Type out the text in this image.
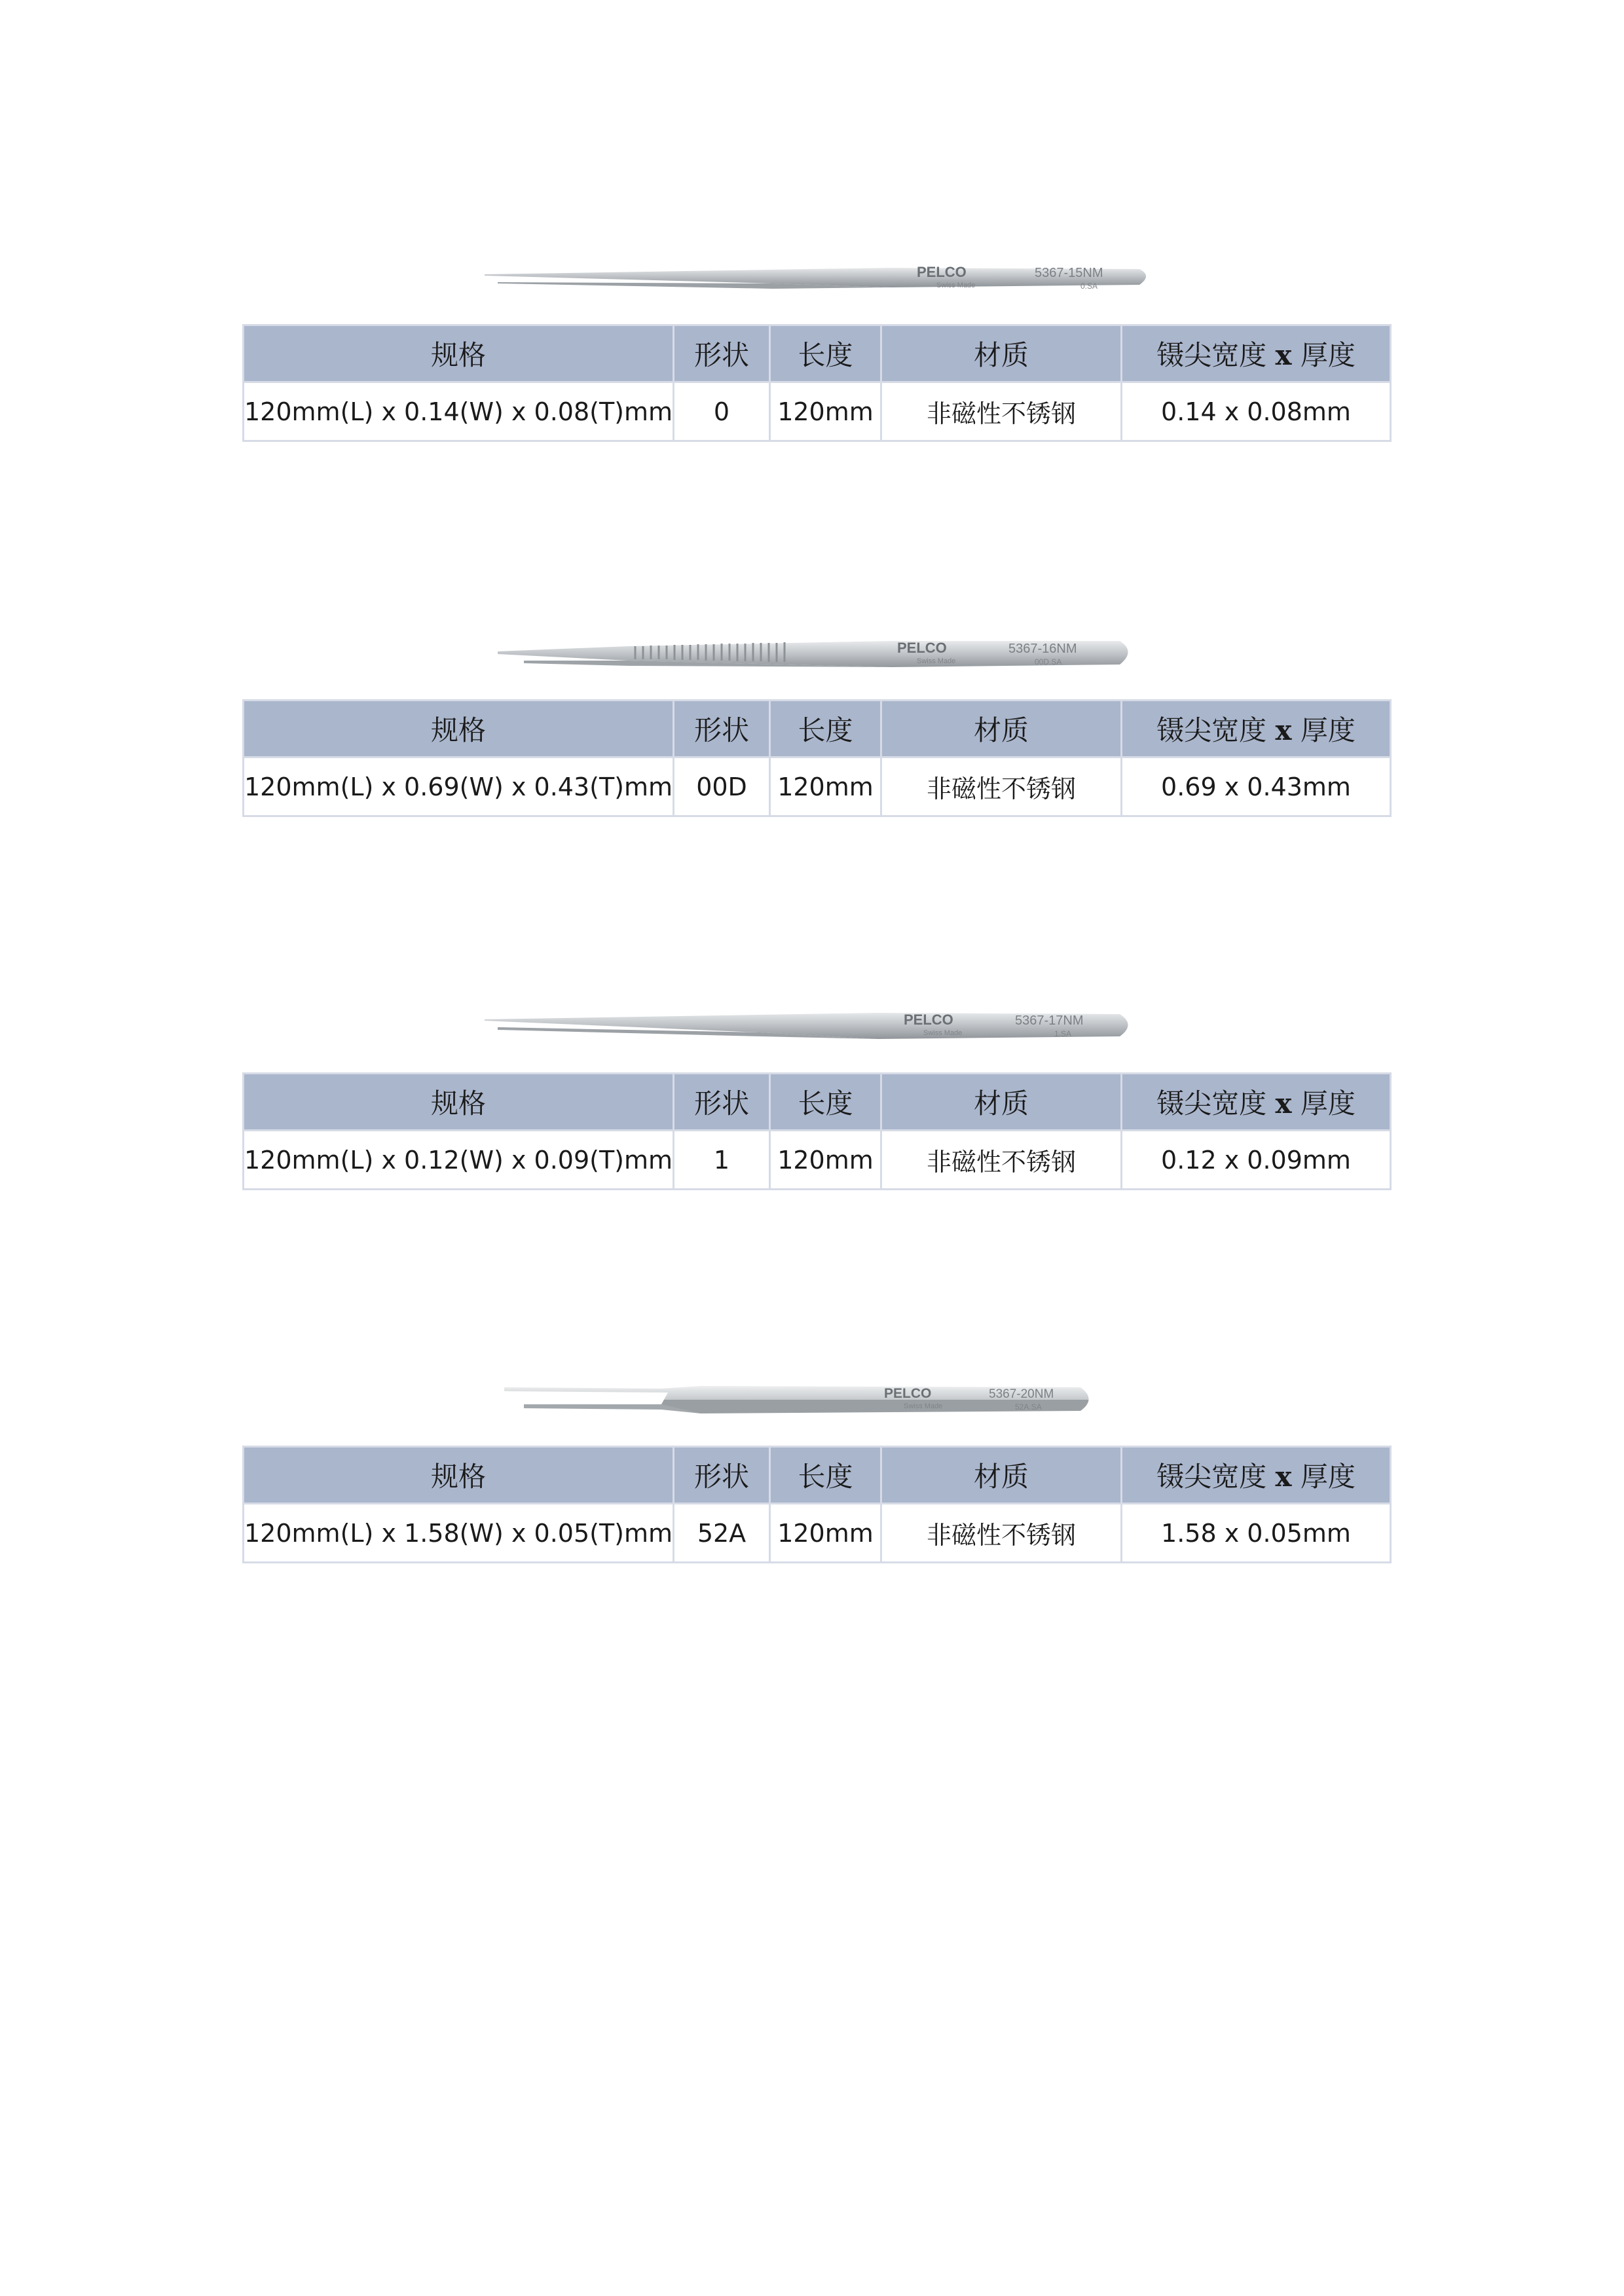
PELCO	5367-15NM
Swiss Made	0.SA
规格	形状	长度	材质	镊尖宽度 x 厚度
120mm(L) x 0.14(W) x 0.08(T)mm	0	120mm	非磁性不锈钢	0.14 x 0.08mm
PELCO	5367-16NM
Swiss Made	00D.SA
规格	形状	长度	材质	镊尖宽度 x 厚度
120mm(L) x 0.69(W) x 0.43(T)mm	00D	120mm	非磁性不锈钢	0.69 x 0.43mm
PELCO	5367-17NM
Swiss Made	1.SA
规格	形状	长度	材质	镊尖宽度 x 厚度
120mm(L) x 0.12(W) x 0.09(T)mm	1	120mm	非磁性不锈钢	0.12 x 0.09mm
PELCO	5367-20NM
Swiss Made	52A.SA
规格	形状	长度	材质	镊尖宽度 x 厚度
120mm(L) x 1.58(W) x 0.05(T)mm	52A	120mm	非磁性不锈钢	1.58 x 0.05mm
